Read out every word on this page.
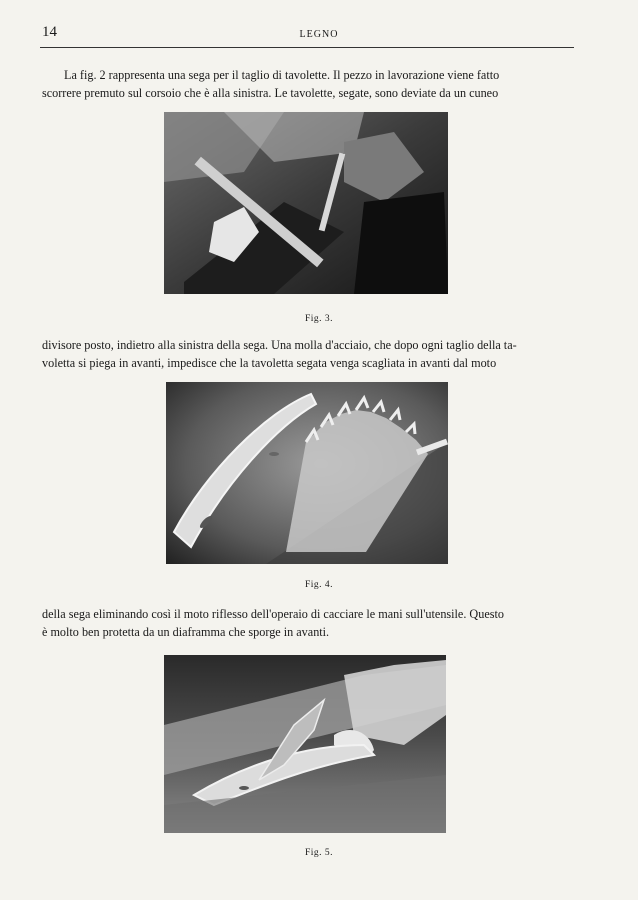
14	LEGNO
La fig. 2 rappresenta una sega per il taglio di tavolette. Il pezzo in lavorazione viene fatto
scorrere premuto sul corsoio che è alla sinistra. Le tavolette, segate, sono deviate da un cuneo
Fig. 3.
divisore posto, indietro alla sinistra della sega. Una molla d'acciaio, che dopo ogni taglio della ta-
voletta si piega in avanti, impedisce che la tavoletta segata venga scagliata in avanti dal moto
Fig. 4.
della sega eliminando così il moto riflesso dell'operaio di cacciare le mani sull'utensile. Questo
è molto ben protetta da un diaframma che sporge in avanti.
Fig. 5.
